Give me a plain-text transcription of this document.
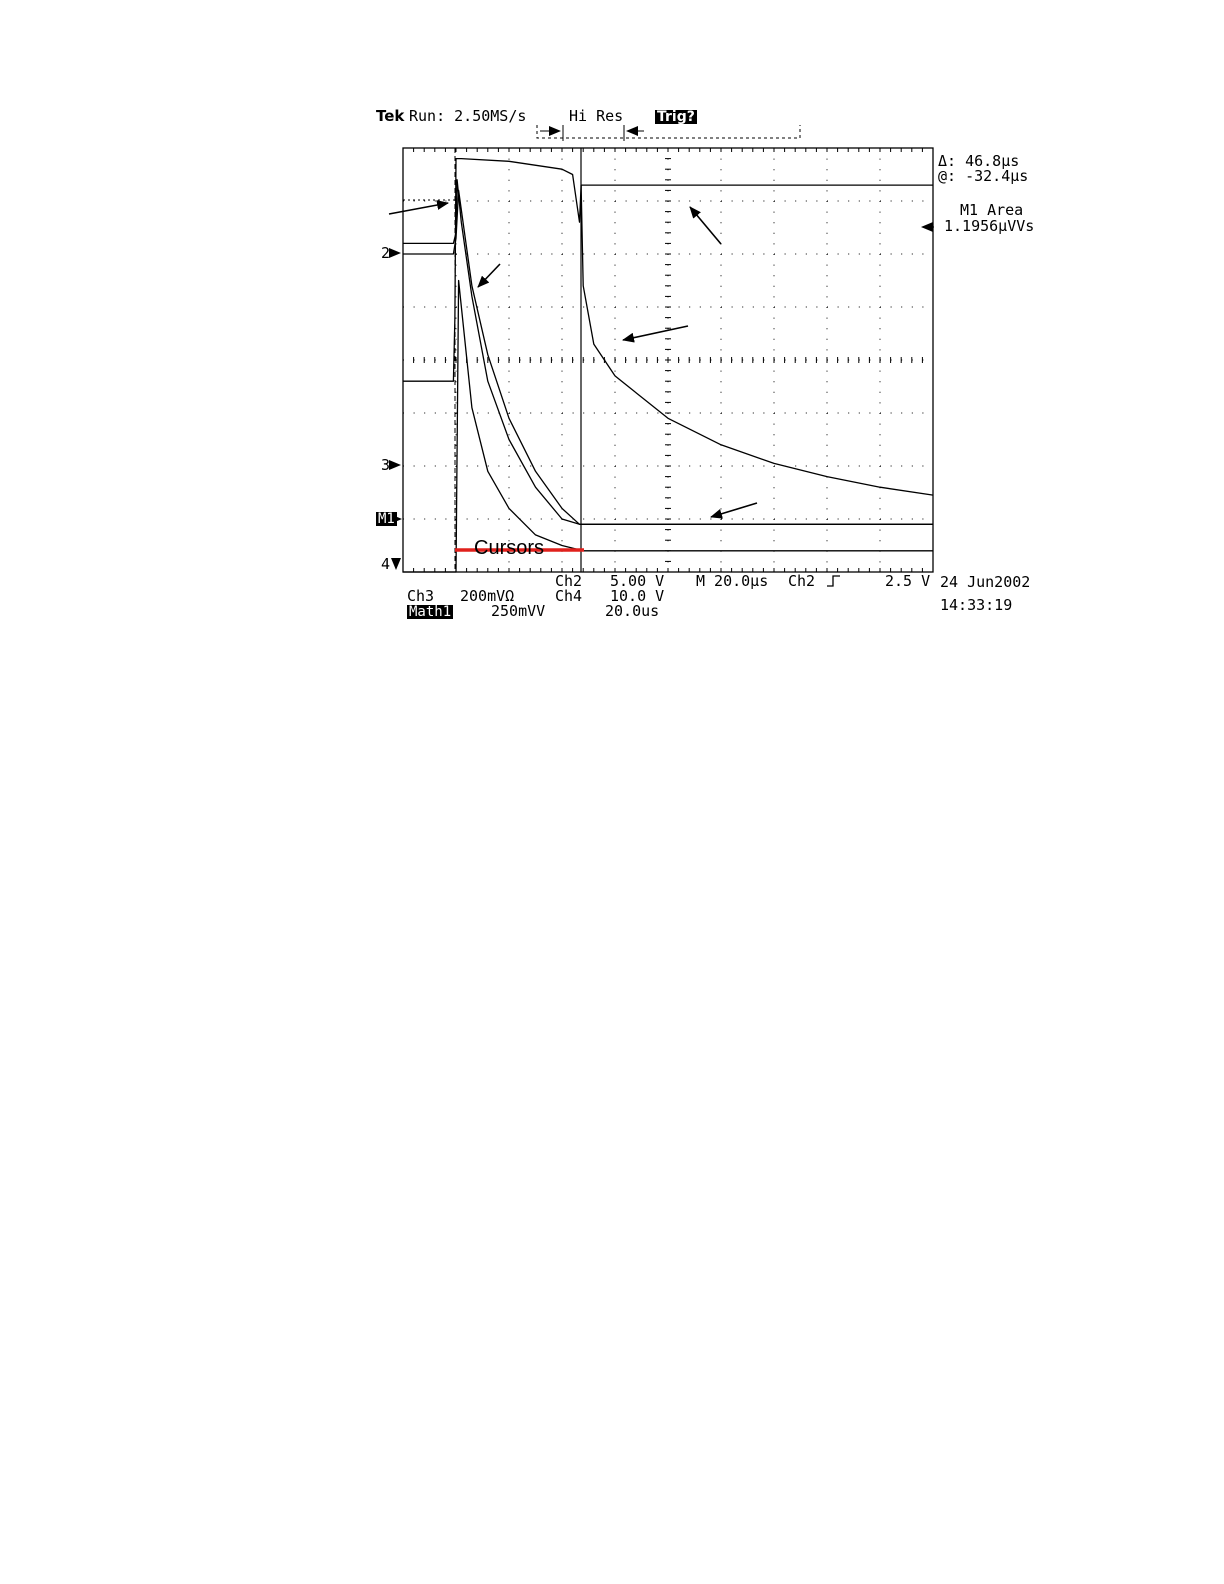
Tek Run: 2.50MS/s	Hi Res Trig?
Δ: 46.8μs
@: -32.4μs
M1 Area
1.1956μVVs
2
3
M1
4
Cursors
Ch2 5.00 V M 20.0μs Ch2	2.5 V
Ch3 200mVΩ	Ch4 10.0 V
Math1	250mVV	20.0us
24 Jun2002
14:33:19
